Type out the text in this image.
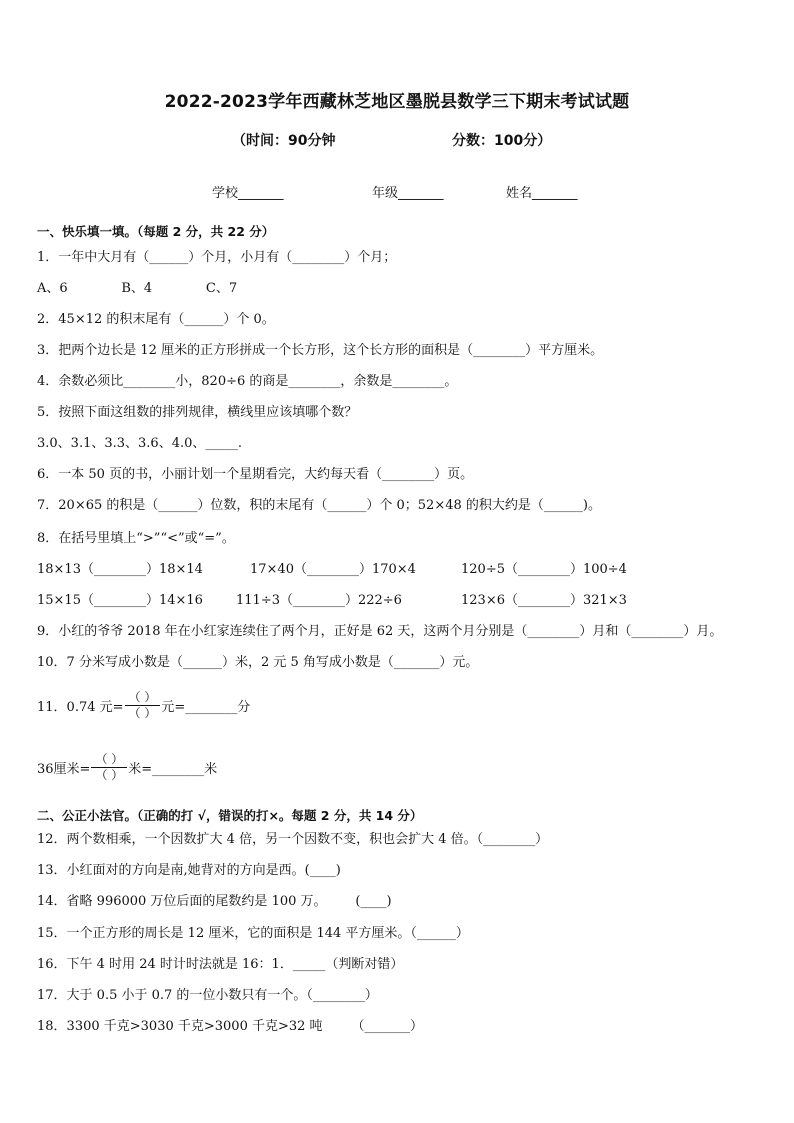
2022-2023学年西藏林芝地区墨脱县数学三下期末考试试题
（时间：90分钟	分数：100分）
学校_______	年级_______	姓名_______
一、快乐填一填。（每题 2 分，共 22 分）
1．一年中大月有（______）个月，小月有（________）个月；
A、6             B、4             C、7
2．45×12 的积末尾有（______）个 0。
3．把两个边长是 12 厘米的正方形拼成一个长方形，这个长方形的面积是（________）平方厘米。
4．余数必须比________小，820÷6 的商是________，余数是________。
5．按照下面这组数的排列规律，横线里应该填哪个数？
3.0、3.1、3.3、3.6、4.0、_____.
6．一本 50 页的书，小丽计划一个星期看完，大约每天看（________）页。
7．20×65 的积是（______）位数，积的末尾有（______）个 0；52×48 的积大约是（______)。
8．在括号里填上“>”“<”或“=”。
18×13（________）18×14	17×40（________）170×4	120÷5（________）100÷4
15×15（________）14×16	111÷3（________）222÷6	123×6（________）321×3
9．小红的爷爷 2018 年在小红家连续住了两个月，正好是 62 天，这两个月分别是（________）月和（________）月。
10．7 分米写成小数是（______）米，2 元 5 角写成小数是（_______）元。
11．0.74 元= $\frac{( )}{( )}$ 元=________分
36厘米= $\frac{( )}{( )}$ 米=________米
二、公正小法官。（正确的打 √，错误的打×。每题 2 分，共 14 分）
12．两个数相乘，一个因数扩大 4 倍，另一个因数不变，积也会扩大 4 倍。（________）
13．小红面对的方向是南,她背对的方向是西。(____)
14．省略 996000 万位后面的尾数约是 100 万。       (____)
15．一个正方形的周长是 12 厘米，它的面积是 144 平方厘米。（______）
16．下午 4 时用 24 时计时法就是 16：1．_____（判断对错）
17．大于 0.5 小于 0.7 的一位小数只有一个。（________）
18．3300 千克>3030 千克>3000 千克>32 吨       （_______）
